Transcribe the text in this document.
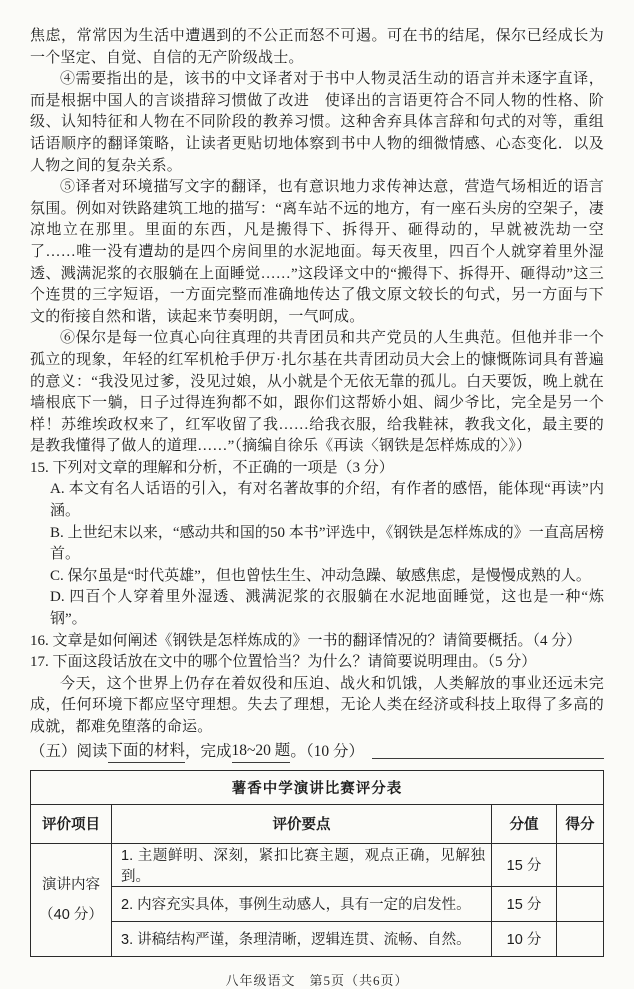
焦虑，常常因为生活中遭遇到的不公正而怒不可遏。可在书的结尾，保尔已经成长为一个坚定、自觉、自信的无产阶级战士。

④需要指出的是，该书的中文译者对于书中人物灵活生动的语言并未逐字直译，而是根据中国人的言谈措辞习惯做了改进　使译出的言语更符合不同人物的性格、阶级、认知特征和人物在不同阶段的教养习惯。这种舍弃具体言辞和句式的对等，重组话语顺序的翻译策略，让读者更贴切地体察到书中人物的细微情感、心态变化．以及人物之间的复杂关系。

⑤译者对环境描写文字的翻译，也有意识地力求传神达意，营造气场相近的语言氛围。例如对铁路建筑工地的描写：“离车站不远的地方，有一座石头房的空架子，凄凉地立在那里。里面的东西，凡是搬得下、拆得开、砸得动的，早就被洗劫一空了……唯一没有遭劫的是四个房间里的水泥地面。每天夜里，四百个人就穿着里外湿透、溅满泥浆的衣服躺在上面睡觉……”这段译文中的“搬得下、拆得开、砸得动”这三个连贯的三字短语，一方面完整而准确地传达了俄文原文较长的句式，另一方面与下文的衔接自然和谐，读起来节奏明朗，一气呵成。

⑥保尔是每一位真心向往真理的共青团员和共产党员的人生典范。但他并非一个孤立的现象，年轻的红军机枪手伊万·扎尔基在共青团动员大会上的慷慨陈词具有普遍的意义：“我没见过爹，没见过娘，从小就是个无依无靠的孤儿。白天要饭，晚上就在墙根底下一躺，日子过得连狗都不如，跟你们这帮娇小姐、阔少爷比，完全是另一个样！苏维埃政权来了，红军收留了我……给我衣服，给我鞋袜，教我文化，最主要的是教我懂得了做人的道理……”（摘编自徐乐《再读〈钢铁是怎样炼成的〉》）

15. 下列对文章的理解和分析，不正确的一项是（3 分）

A. 本文有名人话语的引入，有对名著故事的介绍，有作者的感悟，能体现“再读”内涵。
B. 上世纪末以来，“感动共和国的50 本书”评选中，《钢铁是怎样炼成的》一直高居榜首。
C. 保尔虽是“时代英雄”，但也曾怯生生、冲动急躁、敏感焦虑，是慢慢成熟的人。
D. 四百个人穿着里外湿透、溅满泥浆的衣服躺在水泥地面睡觉，这也是一种“炼钢”。

16. 文章是如何阐述《钢铁是怎样炼成的》一书的翻译情况的？请简要概括。（4 分）

17. 下面这段话放在文中的哪个位置恰当？为什么？请简要说明理由。（5 分）

今天，这个世界上仍存在着奴役和压迫、战火和饥饿，人类解放的事业还远未完成，任何环境下都应坚守理想。失去了理想，无论人类在经济或科技上取得了多高的成就，都难免堕落的命运。
（五）阅读 下面的材料 ，完成 18~20 题 。（10 分）
薯香中学演讲比赛评分表			
评价项目	评价要点	分值	得分

演讲内容
（40 分）	1. 主题鲜明、深刻，紧扣比赛主题，观点正确，见解独到。	15 分	
	2. 内容充实具体，事例生动感人，具有一定的启发性。	15 分	
	3. 讲稿结构严谨，条理清晰，逻辑连贯、流畅、自然。	10 分	
八年级语文　第5页（共6页）
